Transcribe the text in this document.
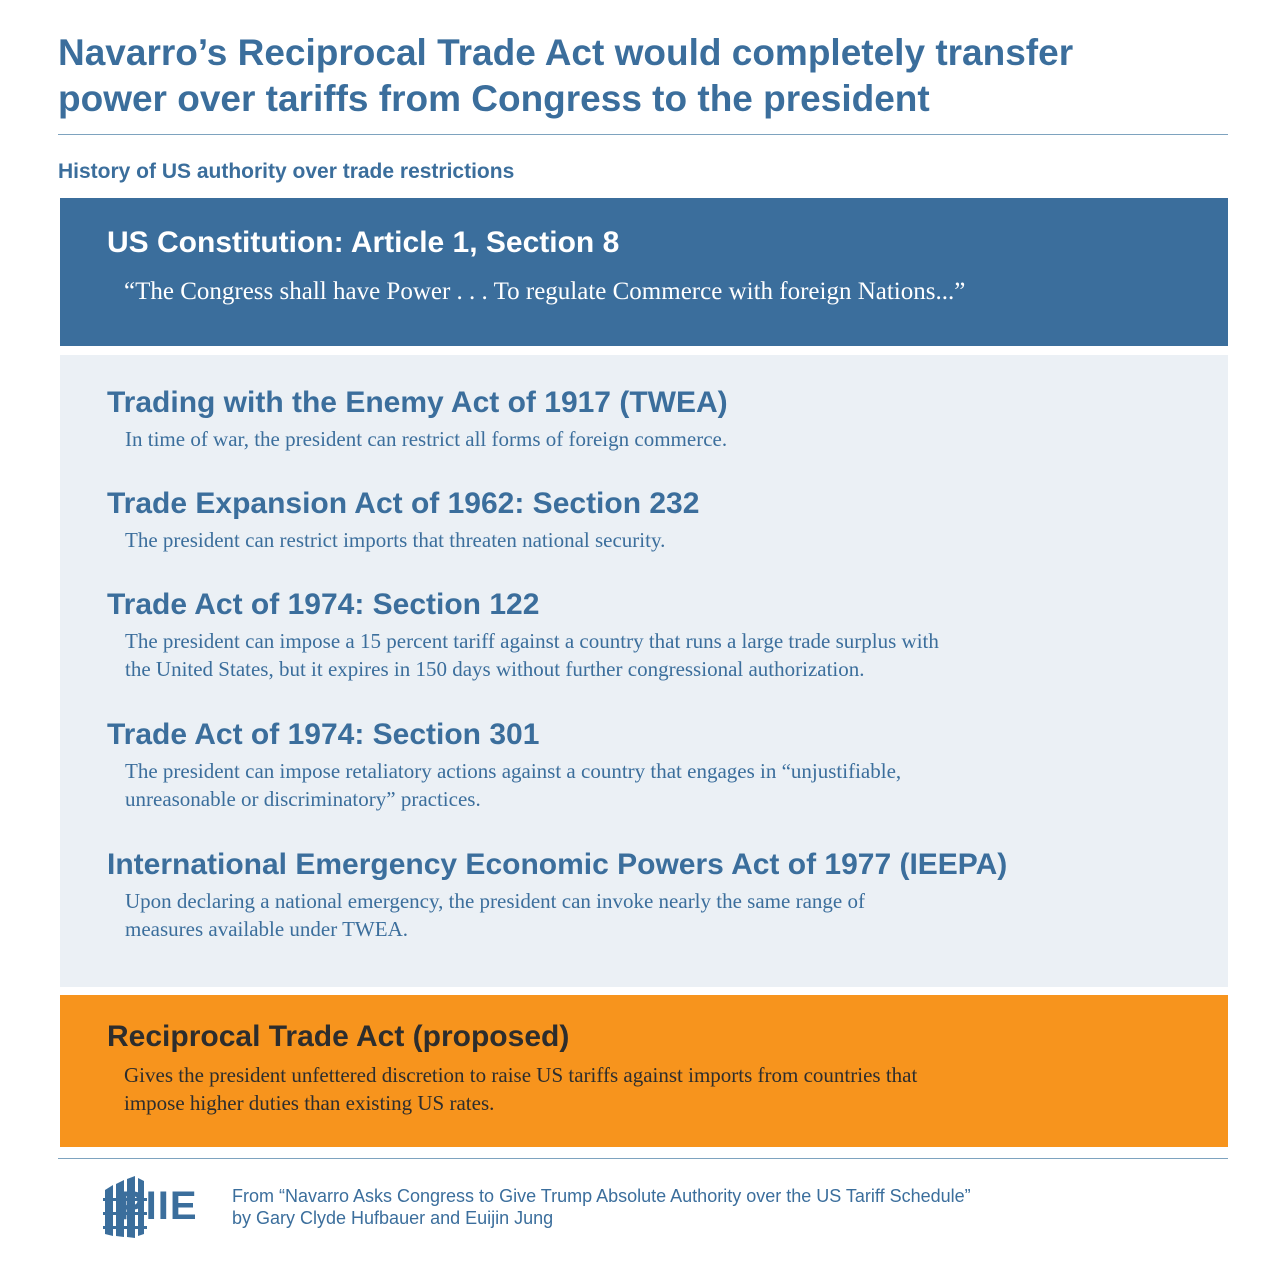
Navarro’s Reciprocal Trade Act would completely transfer
power over tariffs from Congress to the president
History of US authority over trade restrictions
US Constitution: Article 1, Section 8
“The Congress shall have Power . . . To regulate Commerce with foreign Nations...”
Trading with the Enemy Act of 1917 (TWEA)
In time of war, the president can restrict all forms of foreign commerce.
Trade Expansion Act of 1962: Section 232
The president can restrict imports that threaten national security.
Trade Act of 1974: Section 122
The president can impose a 15 percent tariff against a country that runs a large trade surplus with
the United States, but it expires in 150 days without further congressional authorization.
Trade Act of 1974: Section 301
The president can impose retaliatory actions against a country that engages in “unjustifiable,
unreasonable or discriminatory” practices.
International Emergency Economic Powers Act of 1977 (IEEPA)
Upon declaring a national emergency, the president can invoke nearly the same range of
measures available under TWEA.
Reciprocal Trade Act (proposed)
Gives the president unfettered discretion to raise US tariffs against imports from countries that
impose higher duties than existing US rates.
PIIE From “Navarro Asks Congress to Give Trump Absolute Authority over the US Tariff Schedule”
by Gary Clyde Hufbauer and Euijin Jung
